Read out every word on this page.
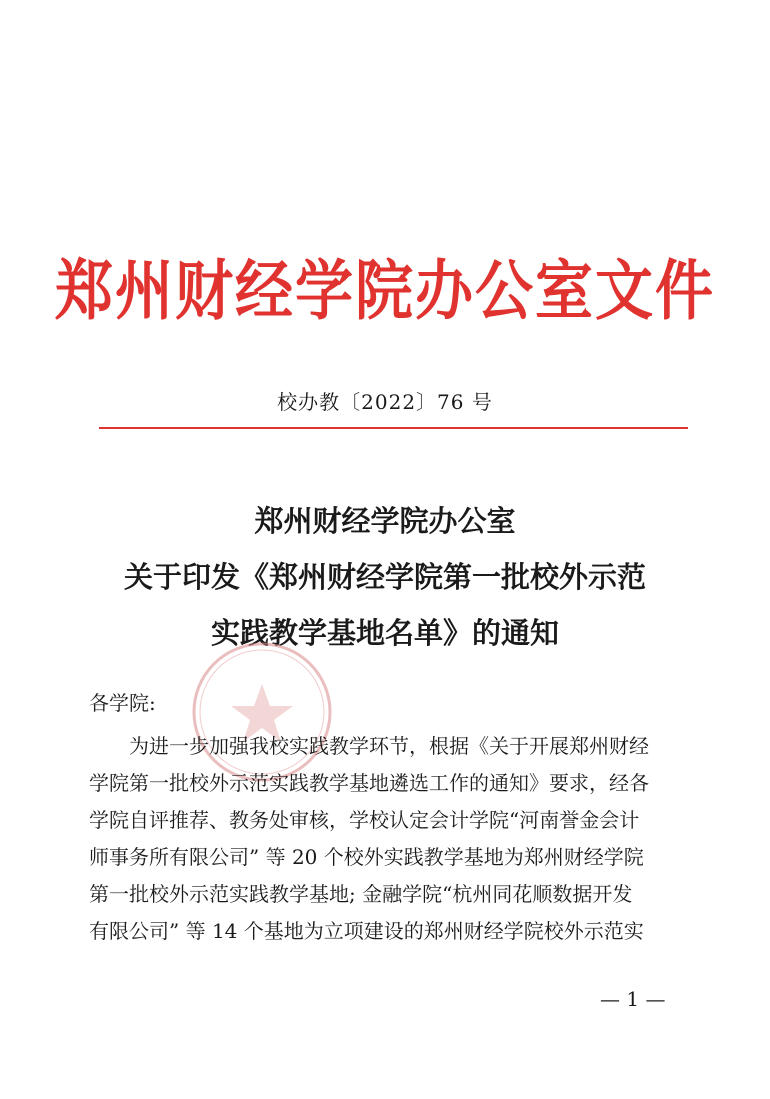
郑州财经学院办公室文件
校办教〔2022〕76 号
郑州财经学院办公室
关于印发《郑州财经学院第一批校外示范
实践教学基地名单》的通知
各学院:
为进一步加强我校实践教学环节，根据《关于开展郑州财经
学院第一批校外示范实践教学基地遴选工作的通知》要求，经各
学院自评推荐、教务处审核，学校认定会计学院“河南誉金会计
师事务所有限公司” 等 20 个校外实践教学基地为郑州财经学院
第一批校外示范实践教学基地; 金融学院“杭州同花顺数据开发
有限公司” 等 14 个基地为立项建设的郑州财经学院校外示范实
— 1 —
